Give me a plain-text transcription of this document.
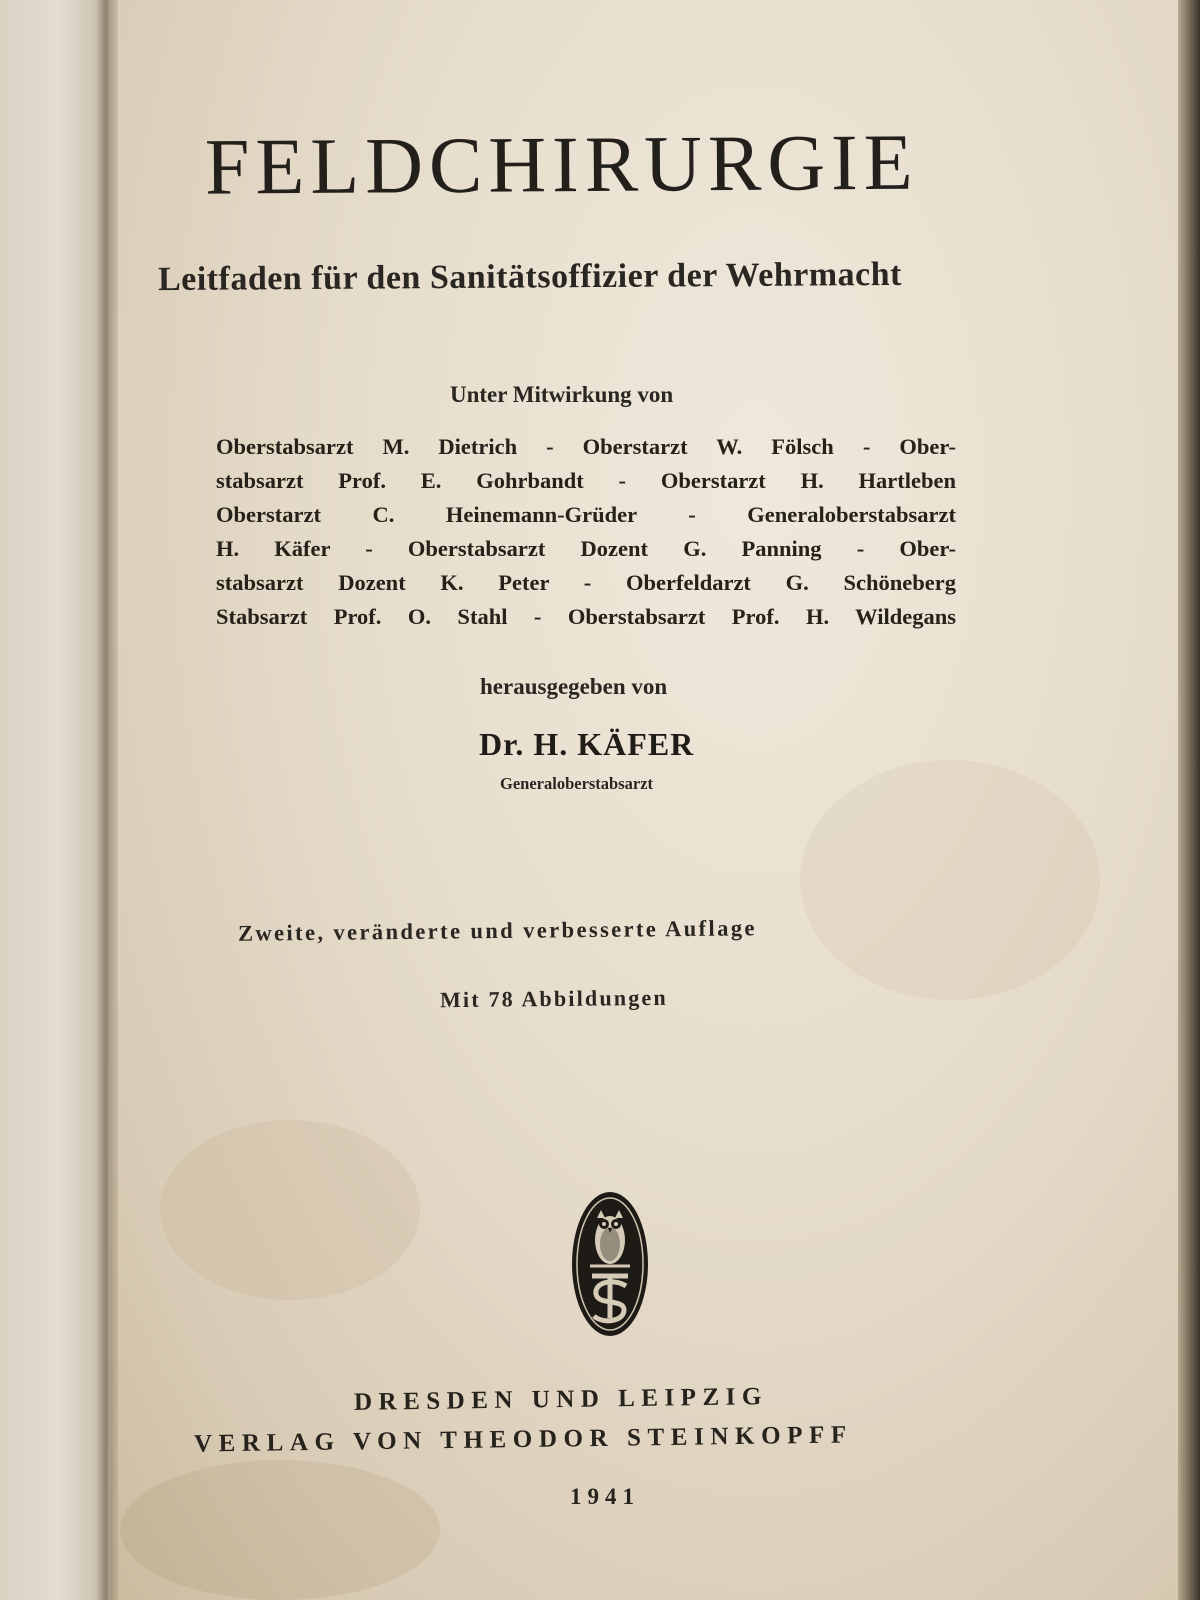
FELDCHIRURGIE
Leitfaden für den Sanitätsoffizier der Wehrmacht
Unter Mitwirkung von
Oberstabsarzt M. Dietrich - Oberstarzt W. Fölsch - Ober-
stabsarzt Prof. E. Gohrbandt - Oberstarzt H. Hartleben
Oberstarzt C. Heinemann-Grüder - Generaloberstabsarzt
H. Käfer - Oberstabsarzt Dozent G. Panning - Ober-
stabsarzt Dozent K. Peter - Oberfeldarzt G. Schöneberg
Stabsarzt Prof. O. Stahl - Oberstabsarzt Prof. H. Wildegans
herausgegeben von
Dr. H. KÄFER
Generaloberstabsarzt
Zweite, veränderte und verbesserte Auflage
Mit 78 Abbildungen
DRESDEN UND LEIPZIG
VERLAG VON THEODOR STEINKOPFF
1941
